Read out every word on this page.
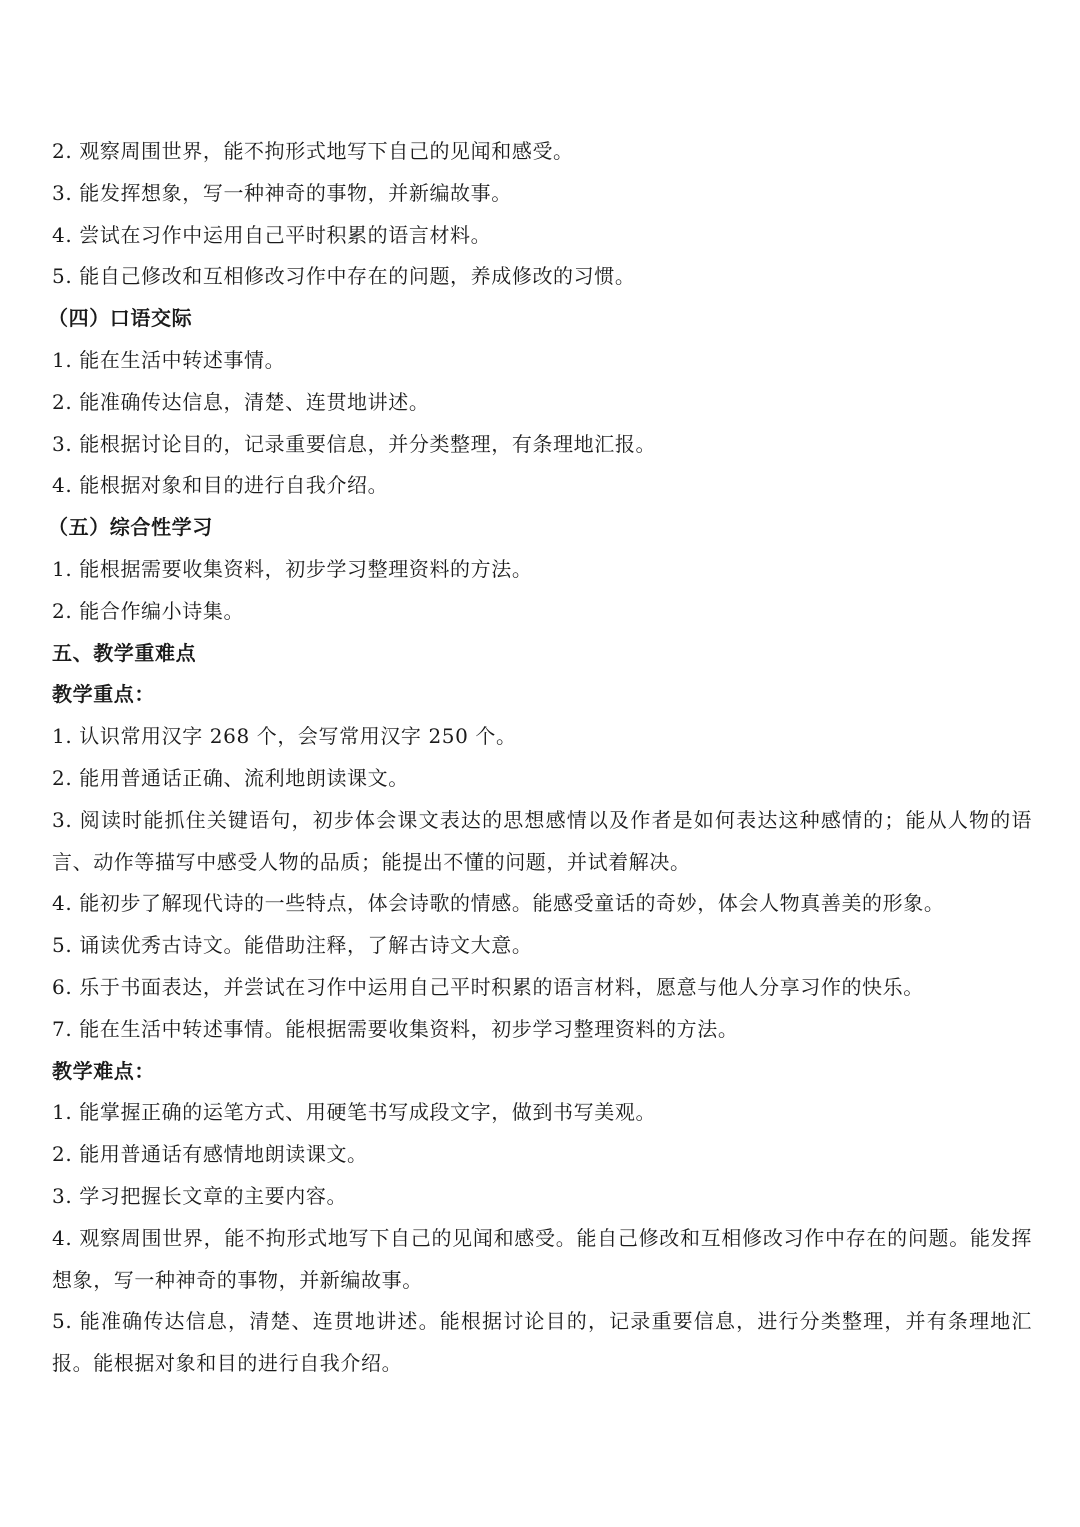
2. 观察周围世界，能不拘形式地写下自己的见闻和感受。
3. 能发挥想象，写一种神奇的事物，并新编故事。
4. 尝试在习作中运用自己平时积累的语言材料。
5. 能自己修改和互相修改习作中存在的问题，养成修改的习惯。
（四）口语交际
1. 能在生活中转述事情。
2. 能准确传达信息，清楚、连贯地讲述。
3. 能根据讨论目的，记录重要信息，并分类整理，有条理地汇报。
4. 能根据对象和目的进行自我介绍。
（五）综合性学习
1. 能根据需要收集资料，初步学习整理资料的方法。
2. 能合作编小诗集。
五、教学重难点
教学重点：
1. 认识常用汉字 268 个，会写常用汉字 250 个。
2. 能用普通话正确、流利地朗读课文。
3. 阅读时能抓住关键语句，初步体会课文表达的思想感情以及作者是如何表达这种感情的；能从人物的语言、动作等描写中感受人物的品质；能提出不懂的问题，并试着解决。
4. 能初步了解现代诗的一些特点，体会诗歌的情感。能感受童话的奇妙，体会人物真善美的形象。
5. 诵读优秀古诗文。能借助注释，了解古诗文大意。
6. 乐于书面表达，并尝试在习作中运用自己平时积累的语言材料，愿意与他人分享习作的快乐。
7. 能在生活中转述事情。能根据需要收集资料，初步学习整理资料的方法。
教学难点：
1. 能掌握正确的运笔方式、用硬笔书写成段文字，做到书写美观。
2. 能用普通话有感情地朗读课文。
3. 学习把握长文章的主要内容。
4. 观察周围世界，能不拘形式地写下自己的见闻和感受。能自己修改和互相修改习作中存在的问题。能发挥想象，写一种神奇的事物，并新编故事。
5. 能准确传达信息，清楚、连贯地讲述。能根据讨论目的，记录重要信息，进行分类整理，并有条理地汇报。能根据对象和目的进行自我介绍。
